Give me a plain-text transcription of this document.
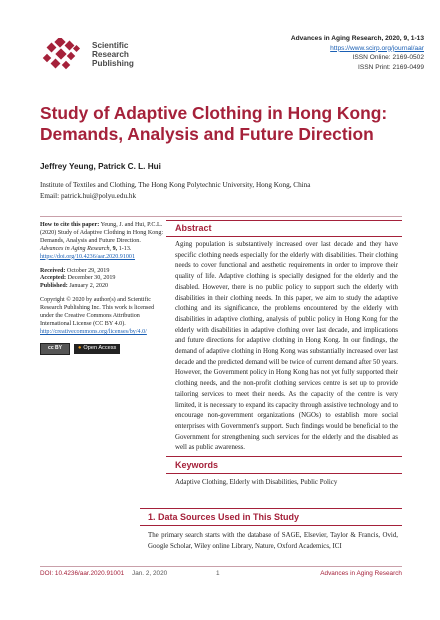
Scientific
Research
Publishing
Advances in Aging Research, 2020, 9, 1-13
https://www.scirp.org/journal/aar
ISSN Online: 2169-0502
ISSN Print: 2169-0499
Study of Adaptive Clothing in Hong Kong: Demands, Analysis and Future Direction
Jeffrey Yeung, Patrick C. L. Hui
Institute of Textiles and Clothing, The Hong Kong Polytechnic University, Hong Kong, China
Email: patrick.hui@polyu.edu.hk

How to cite this paper: Yeung, J. and Hui, P.C.L. (2020) Study of Adaptive Clothing in Hong Kong: Demands, Analysis and Future Direction. Advances in Aging Research, 9, 1-13.
https://doi.org/10.4236/aar.2020.91001

Received: October 29, 2019
Accepted: December 30, 2019
Published: January 2, 2020

Copyright © 2020 by author(s) and Scientific Research Publishing Inc. This work is licensed under the Creative Commons Attribution International License (CC BY 4.0).
http://creativecommons.org/licenses/by/4.0/

cc BY	● Open Access
Abstract

Aging population is substantively increased over last decade and they have specific clothing needs especially for the elderly with disabilities. Their clothing needs to cover functional and aesthetic requirements in order to improve their quality of life. Adaptive clothing is specially designed for the elderly and the disabled. However, there is no public policy to support such the elderly with disabilities in their clothing needs. In this paper, we aim to study the adaptive clothing and its significance, the problems encountered by the elderly with disabilities in adaptive clothing, analysis of public policy in Hong Kong for the elderly with disabilities in adaptive clothing over last decade, and implications and future directions for adaptive clothing in Hong Kong. In our findings, the demand of adaptive clothing in Hong Kong was substantially increased over last decade and the predicted demand will be twice of current demand after 50 years. However, the Government policy in Hong Kong has not yet fully supported their clothing needs, and the non-profit clothing services centre is set up to provide tailoring services to meet their needs. As the capacity of the centre is very limited, it is necessary to expand its capacity through assistive technology and to encourage non-government organizations (NGOs) to establish more social enterprises with Government's support. Such findings would be beneficial to the Government for strengthening such services for the elderly and the disabled as well as public awareness.

Keywords
Adaptive Clothing, Elderly with Disabilities, Public Policy
1. Data Sources Used in This Study

The primary search starts with the database of SAGE, Elsevier, Taylor & Francis, Ovid, Google Scholar, Wiley online Library, Nature, Oxford Academics, ICI

DOI: 10.4236/aar.2020.91001 Jan. 2, 2020	1	Advances in Aging Research
